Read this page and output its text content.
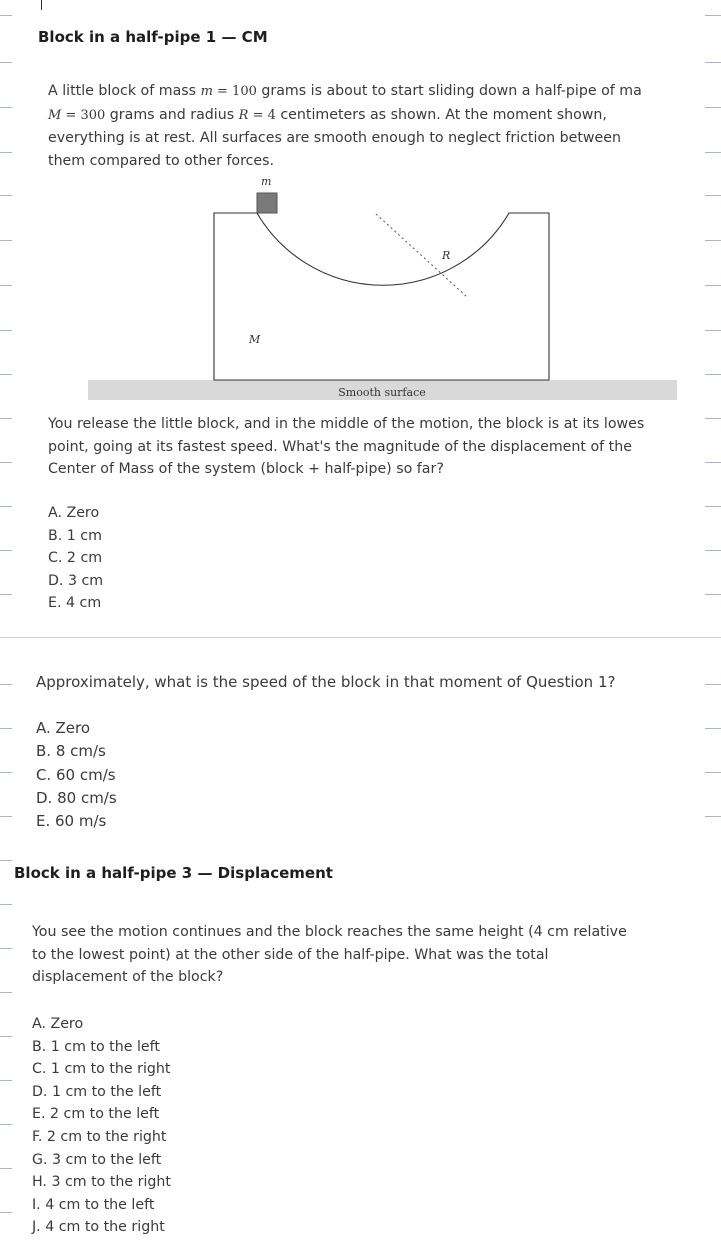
Block in a half-pipe 1 — CM

A little block of mass m = 100 grams is about to start sliding down a half-pipe of ma

M = 300 grams and radius R = 4 centimeters as shown. At the moment shown,

everything is at rest. All surfaces are smooth enough to neglect friction between

them compared to other forces.

m
Smooth surface
R
M

You release the little block, and in the middle of the motion, the block is at its lowes

point, going at its fastest speed. What's the magnitude of the displacement of the

Center of Mass of the system (block + half-pipe) so far?

A. Zero
B. 1 cm
C. 2 cm
D. 3 cm
E. 4 cm
Approximately, what is the speed of the block in that moment of Question 1?
A. Zero
B. 8 cm/s
C. 60 cm/s
D. 80 cm/s
E. 60 m/s
Block in a half-pipe 3 — Displacement

You see the motion continues and the block reaches the same height (4 cm relative

to the lowest point) at the other side of the half-pipe. What was the total

displacement of the block?

A. Zero
B. 1 cm to the left
C. 1 cm to the right
D. 1 cm to the left
E. 2 cm to the left
F. 2 cm to the right
G. 3 cm to the left
H. 3 cm to the right
I. 4 cm to the left
J. 4 cm to the right
